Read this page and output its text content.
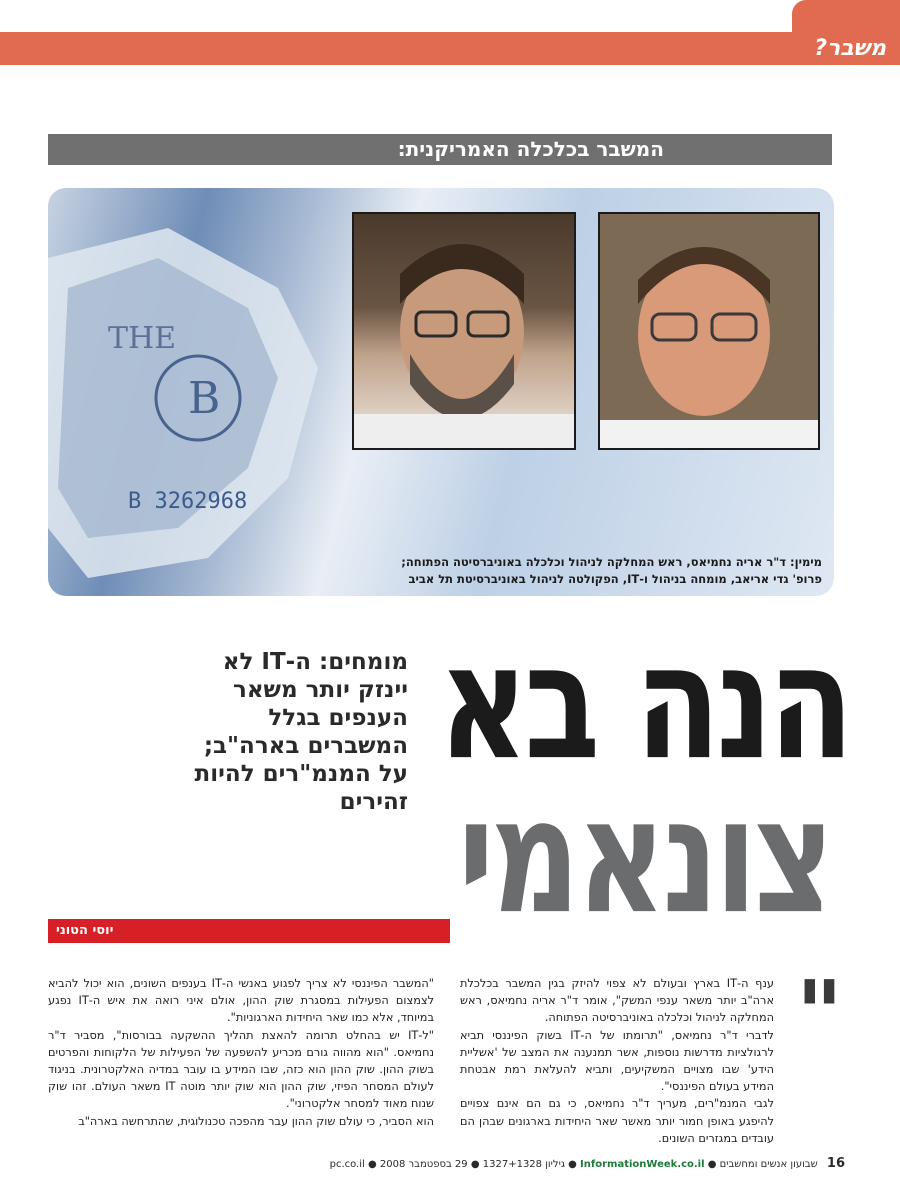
משבר?
המשבר בכלכלה האמריקנית:
B
B 3262968
THE
מימין: ד"ר אריה נחמיאס, ראש המחלקה לניהול וכלכלה באוניברסיטה הפתוחה;
פרופ' גדי אריאב, מומחה בניהול ו-IT, הפקולטה לניהול באוניברסיטת תל אביב
הנה בא
צונאמי
מומחים: ה-IT לא
יינזק יותר משאר
הענפים בגלל
המשברים בארה"ב;
על המנמ"רים להיות
זהירים
יוסי הטוני
"

ענף ה-IT בארץ ובעולם לא צפוי להיזק בגין המשבר בכלכלת ארה"ב יותר משאר ענפי המשק", אומר ד"ר אריה נחמיאס, ראש המחלקה לניהול וכלכלה באוניברסיטה הפתוחה.

לדברי ד"ר נחמיאס, "תרומתו של ה-IT בשוק הפיננסי תביא לרגולציות מדרשות נוספות, אשר תמנענה את המצב של 'אשליית הידע' שבו מצויים המשקיעים, ותביא להעלאת רמת אבטחת המידע בעולם הפיננסי".

לגבי המנמ"רים, מעריך ד"ר נחמיאס, כי גם הם אינם צפויים להיפגע באופן חמור יותר מאשר שאר היחידות בארגונים שבהן הם עובדים במגזרים השונים.

"המשבר הפיננסי לא צריך לפגוע באנשי ה-IT בענפים השונים, הוא יכול להביא לצמצום הפעילות במסגרת שוק ההון, אולם איני רואה את איש ה-IT נפגע במיוחד, אלא כמו שאר היחידות הארגוניות".

"ל-IT יש בהחלט תרומה להאצת תהליך ההשקעה בבורסות", מסביר ד"ר נחמיאס. "הוא מהווה גורם מכריע להשפעה של הפעילות של הלקוחות והפרטים בשוק ההון. שוק ההון הוא כזה, שבו המידע בו עובר במדיה האלקטרונית. בניגוד לעולם המסחר הפיזי, שוק ההון הוא שוק יותר מוטה IT משאר העולם. זהו שוק שנוח מאוד למסחר אלקטרוני".

הוא הסביר, כי עולם שוק ההון עבר מהפכה טכנולוגית, שהתרחשה בארה"ב

16 שבועון אנשים ומחשבים ● InformationWeek.co.il ● גיליון 1327+1328 ● 29 בספטמבר 2008 ● pc.co.il
